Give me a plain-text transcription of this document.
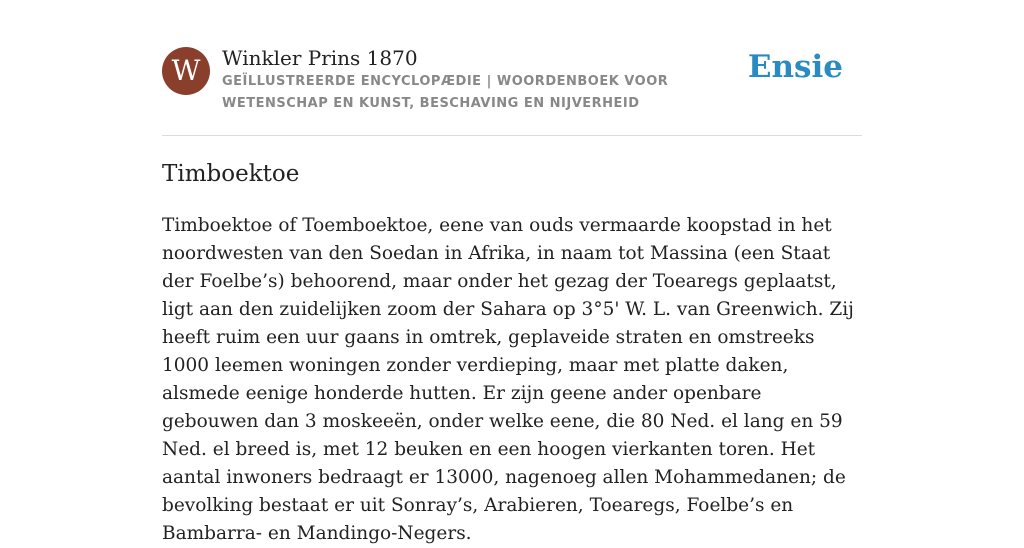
W	Winkler Prins 1870
GEÏLLUSTREERDE ENCYCLOPÆDIE | WOORDENBOEK VOOR WETENSCHAP EN KUNST, BESCHAVING EN NIJVERHEID
Ensie
Timboektoe

Timboektoe of Toemboektoe, eene van ouds vermaarde koopstad in het noordwesten van den Soedan in Afrika, in naam tot Massina (een Staat der Foelbe’s) behoorend, maar onder het gezag der Toearegs geplaatst, ligt aan den zuidelijken zoom der Sahara op 3°5' W. L. van Greenwich. Zij heeft ruim een uur gaans in omtrek, geplaveide straten en omstreeks 1000 leemen woningen zonder verdieping, maar met platte daken, alsmede eenige honderde hutten. Er zijn geene ander openbare gebouwen dan 3 moskeeën, onder welke eene, die 80 Ned. el lang en 59 Ned. el breed is, met 12 beuken en een hoogen vierkanten toren. Het aantal inwoners bedraagt er 13000, nagenoeg allen Mohammedanen; de bevolking bestaat er uit Sonray’s, Arabieren, Toearegs, Foelbe’s en Bambarra- en Mandingo-Negers.
